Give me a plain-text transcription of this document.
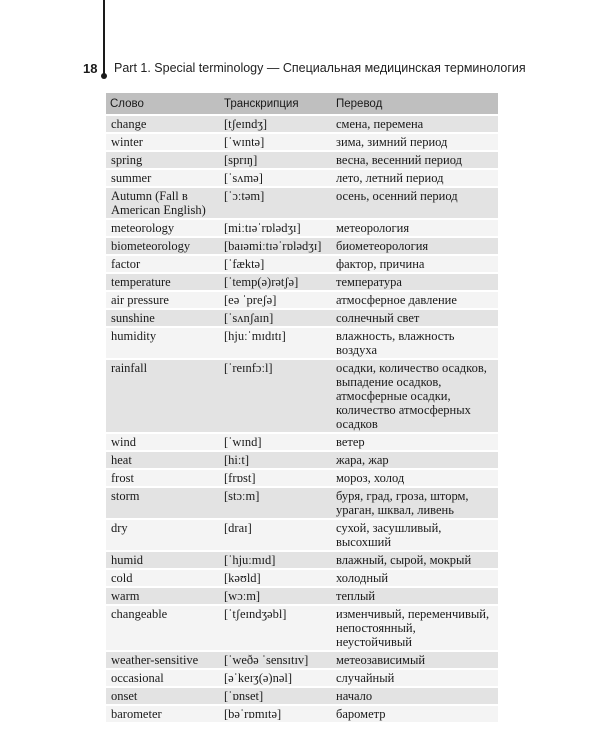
18 Part 1. Special terminology — Специальная медицинская терминология
Слово	Транскрипция	Перевод
change	[tʃeɪndʒ]	смена, перемена
winter	[ˈwɪntə]	зима, зимний период
spring	[sprɪŋ]	весна, весенний период
summer	[ˈsʌmə]	лето, летний период
Autumn (Fall в American English)	[ˈɔːtəm]	осень, осенний период
meteorology	[miːtɪəˈrɒlədʒɪ]	метеорология
biometeorology	[baɪəmiːtɪəˈrɒlədʒɪ]	биометеорология
factor	[ˈfæktə]	фактор, причина
temperature	[ˈtemp(ə)rətʃə]	температура
air pressure	[eə ˈpreʃə]	атмосферное давление
sunshine	[ˈsʌnʃaɪn]	солнечный свет
humidity	[hjuːˈmɪdɪtɪ]	влажность, влажность воздуха
rainfall	[ˈreɪnfɔːl]	осадки, количество осадков, выпадение осадков, атмосферные осадки, количество атмосферных осадков
wind	[ˈwɪnd]	ветер
heat	[hiːt]	жара, жар
frost	[frɒst]	мороз, холод
storm	[stɔːm]	буря, град, гроза, шторм, ураган, шквал, ливень
dry	[draɪ]	сухой, засушливый, высохший
humid	[ˈhjuːmɪd]	влажный, сырой, мокрый
cold	[kəʊld]	холодный
warm	[wɔːm]	теплый
changeable	[ˈtʃeɪndʒəbl]	изменчивый, переменчивый, непостоянный, неустойчивый
weather-sensitive	[ˈweðə ˈsensɪtɪv]	метеозависимый
occasional	[əˈkeɪʒ(ə)nəl]	случайный
onset	[ˈɒnset]	начало
barometer	[bəˈrɒmɪtə]	барометр
